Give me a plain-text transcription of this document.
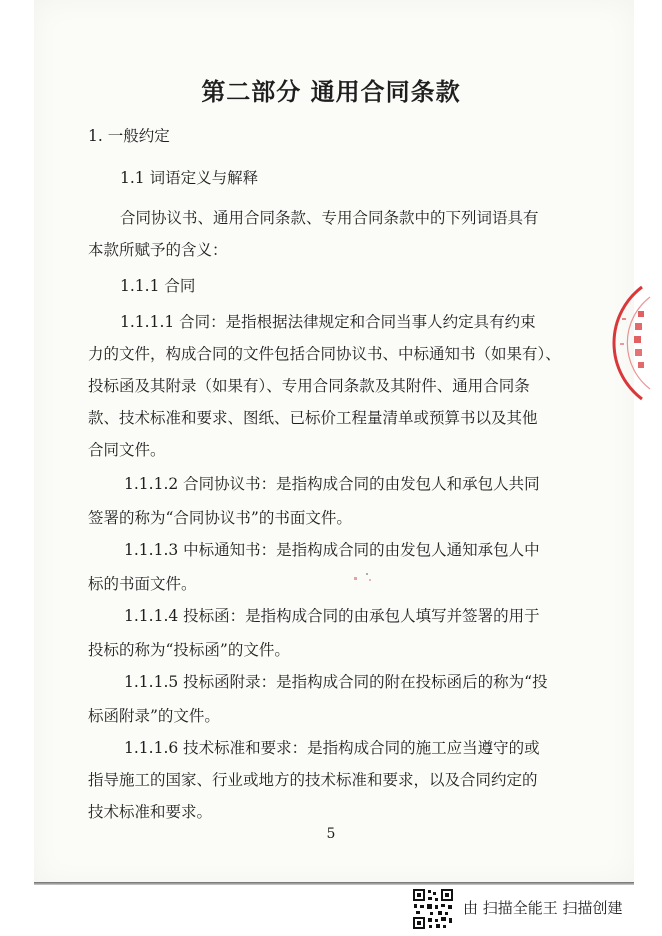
第二部分 通用合同条款
1. 一般约定
1.1 词语定义与解释
合同协议书、通用合同条款、专用合同条款中的下列词语具有
本款所赋予的含义：
1.1.1 合同
1.1.1.1 合同：是指根据法律规定和合同当事人约定具有约束
力的文件，构成合同的文件包括合同协议书、中标通知书（如果有）、
投标函及其附录（如果有）、专用合同条款及其附件、通用合同条
款、技术标准和要求、图纸、已标价工程量清单或预算书以及其他
合同文件。
1.1.1.2 合同协议书：是指构成合同的由发包人和承包人共同
签署的称为“合同协议书”的书面文件。
1.1.1.3 中标通知书：是指构成合同的由发包人通知承包人中
标的书面文件。
1.1.1.4 投标函：是指构成合同的由承包人填写并签署的用于
投标的称为“投标函”的文件。
1.1.1.5 投标函附录：是指构成合同的附在投标函后的称为“投
标函附录”的文件。
1.1.1.6 技术标准和要求：是指构成合同的施工应当遵守的或
指导施工的国家、行业或地方的技术标准和要求，以及合同约定的
技术标准和要求。
5
由 扫描全能王 扫描创建
